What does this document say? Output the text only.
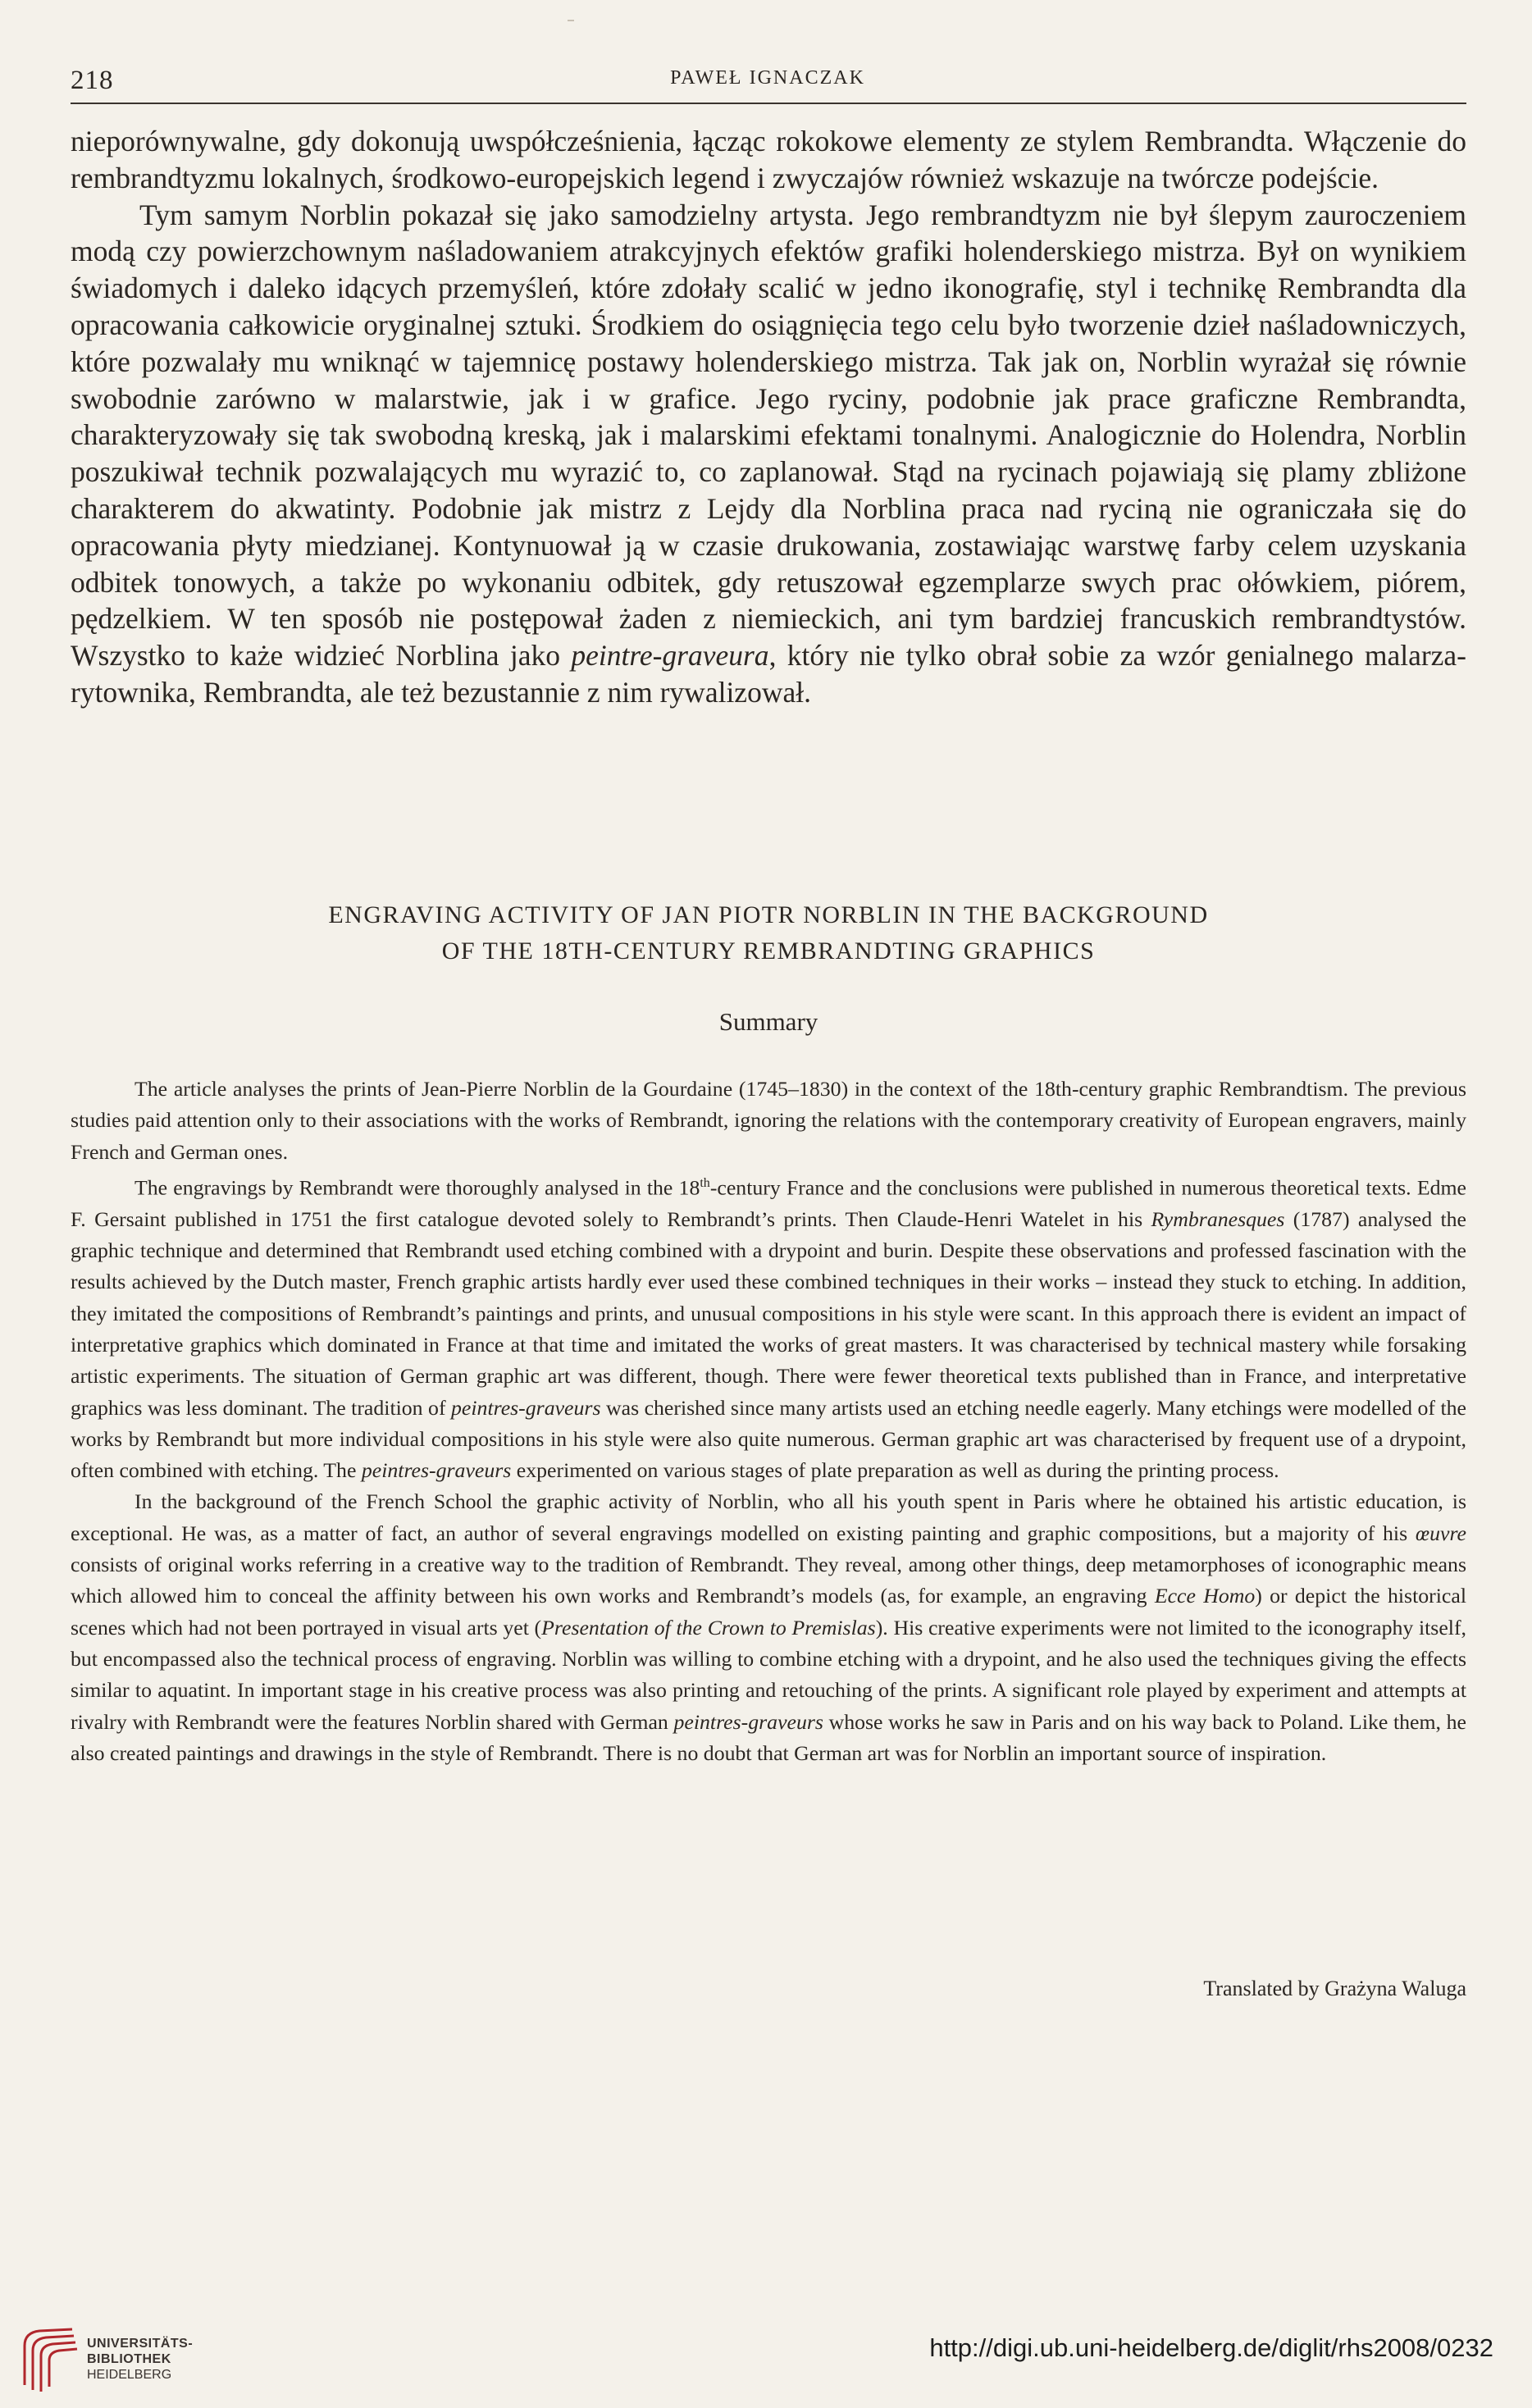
218	PAWEŁ IGNACZAK

nieporównywalne, gdy dokonują uwspółcześnienia, łącząc rokokowe elementy ze stylem Rembrandta. Włączenie do rembrandtyzmu lokalnych, środkowo-europejskich legend i zwyczajów również wskazuje na twórcze podejście.

Tym samym Norblin pokazał się jako samodzielny artysta. Jego rembrandtyzm nie był ślepym zauroczeniem modą czy powierzchownym naśladowaniem atrakcyjnych efektów grafiki holenderskiego mistrza. Był on wynikiem świadomych i daleko idących przemyśleń, które zdołały scalić w jedno ikonografię, styl i technikę Rembrandta dla opracowania całkowicie oryginalnej sztuki. Środkiem do osiągnięcia tego celu było tworzenie dzieł naśladowniczych, które pozwalały mu wniknąć w tajemnicę postawy holenderskiego mistrza. Tak jak on, Norblin wyrażał się równie swobodnie zarówno w malarstwie, jak i w grafice. Jego ryciny, podobnie jak prace graficzne Rembrandta, charakteryzowały się tak swobodną kreską, jak i malarskimi efektami tonalnymi. Analogicznie do Holendra, Norblin poszukiwał technik pozwalających mu wyrazić to, co zaplanował. Stąd na rycinach pojawiają się plamy zbliżone charakterem do akwatinty. Podobnie jak mistrz z Lejdy dla Norblina praca nad ryciną nie ograniczała się do opracowania płyty miedzianej. Kontynuował ją w czasie drukowania, zostawiając warstwę farby celem uzyskania odbitek tonowych, a także po wykonaniu odbitek, gdy retuszował egzemplarze swych prac ołówkiem, piórem, pędzelkiem. W ten sposób nie postępował żaden z niemieckich, ani tym bardziej francuskich rembrandtystów. Wszystko to każe widzieć Norblina jako peintre-graveura, który nie tylko obrał sobie za wzór genialnego malarza-rytownika, Rembrandta, ale też bezustannie z nim rywalizował.

ENGRAVING ACTIVITY OF JAN PIOTR NORBLIN IN THE BACKGROUND
OF THE 18TH-CENTURY REMBRANDTING GRAPHICS
Summary

The article analyses the prints of Jean-Pierre Norblin de la Gourdaine (1745–1830) in the context of the 18th-century graphic Rembrandtism. The previous studies paid attention only to their associations with the works of Rembrandt, ignoring the relations with the contemporary creativity of European engravers, mainly French and German ones.

The engravings by Rembrandt were thoroughly analysed in the 18th-century France and the conclusions were published in numerous theoretical texts. Edme F. Gersaint published in 1751 the first catalogue devoted solely to Rembrandt’s prints. Then Claude-Henri Watelet in his Rymbranesques (1787) analysed the graphic technique and determined that Rembrandt used etching combined with a drypoint and burin. Despite these observations and professed fascination with the results achieved by the Dutch master, French graphic artists hardly ever used these combined techniques in their works – instead they stuck to etching. In addition, they imitated the compositions of Rembrandt’s paintings and prints, and unusual compositions in his style were scant. In this approach there is evident an impact of interpretative graphics which dominated in France at that time and imitated the works of great masters. It was characterised by technical mastery while forsaking artistic experiments. The situation of German graphic art was different, though. There were fewer theoretical texts published than in France, and interpretative graphics was less dominant. The tradition of peintres-graveurs was cherished since many artists used an etching needle eagerly. Many etchings were modelled of the works by Rembrandt but more individual compositions in his style were also quite numerous. German graphic art was characterised by frequent use of a drypoint, often combined with etching. The peintres-graveurs experimented on various stages of plate preparation as well as during the printing process.

In the background of the French School the graphic activity of Norblin, who all his youth spent in Paris where he obtained his artistic education, is exceptional. He was, as a matter of fact, an author of several engravings modelled on existing painting and graphic compositions, but a majority of his œuvre consists of original works referring in a creative way to the tradition of Rembrandt. They reveal, among other things, deep metamorphoses of iconographic means which allowed him to conceal the affinity between his own works and Rembrandt’s models (as, for example, an engraving Ecce Homo) or depict the historical scenes which had not been portrayed in visual arts yet (Presentation of the Crown to Premislas). His creative experiments were not limited to the iconography itself, but encompassed also the technical process of engraving. Norblin was willing to combine etching with a drypoint, and he also used the techniques giving the effects similar to aquatint. In important stage in his creative process was also printing and retouching of the prints. A significant role played by experiment and attempts at rivalry with Rembrandt were the features Norblin shared with German peintres-graveurs whose works he saw in Paris and on his way back to Poland. Like them, he also created paintings and drawings in the style of Rembrandt. There is no doubt that German art was for Norblin an important source of inspiration.

Translated by Grażyna Waluga
UNIVERSITÄTS-
BIBLIOTHEK
HEIDELBERG
http://digi.ub.uni-heidelberg.de/diglit/rhs2008/0232
